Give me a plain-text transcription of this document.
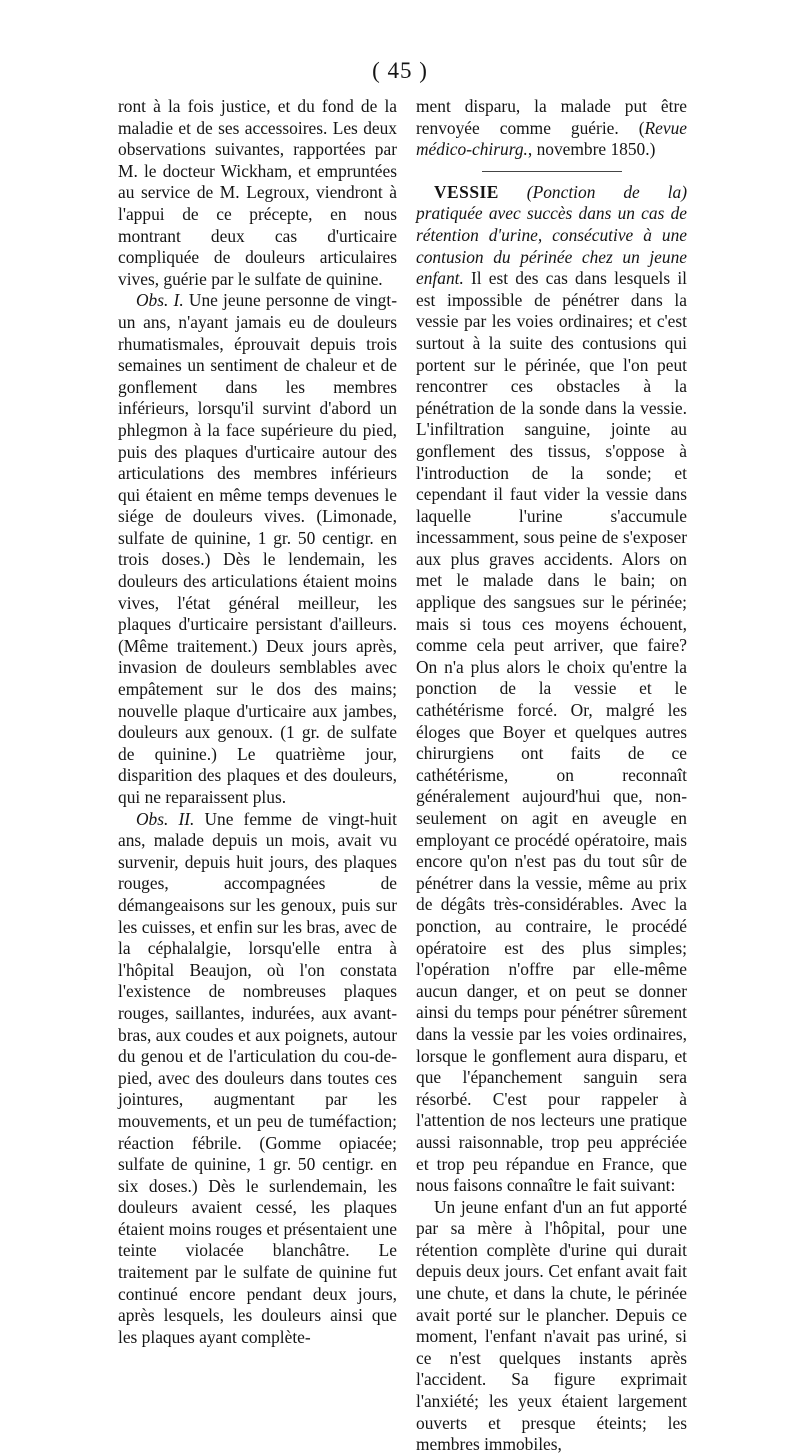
( 45 )

ront à la fois justice, et du fond de la maladie et de ses accessoires. Les deux observations suivantes, rapportées par M. le docteur Wickham, et empruntées au service de M. Legroux, viendront à l'appui de ce précepte, en nous montrant deux cas d'urticaire compliquée de douleurs articulaires vives, guérie par le sulfate de quinine.

Obs. I. Une jeune personne de vingt-un ans, n'ayant jamais eu de douleurs rhumatismales, éprouvait depuis trois semaines un sentiment de chaleur et de gonflement dans les membres inférieurs, lorsqu'il survint d'abord un phlegmon à la face supérieure du pied, puis des plaques d'urticaire autour des articulations des membres inférieurs qui étaient en même temps devenues le siége de douleurs vives. (Limonade, sulfate de quinine, 1 gr. 50 centigr. en trois doses.) Dès le lendemain, les douleurs des articulations étaient moins vives, l'état général meilleur, les plaques d'urticaire persistant d'ailleurs. (Même traitement.) Deux jours après, invasion de douleurs semblables avec empâtement sur le dos des mains; nouvelle plaque d'urticaire aux jambes, douleurs aux genoux. (1 gr. de sulfate de quinine.) Le quatrième jour, disparition des plaques et des douleurs, qui ne reparaissent plus.

Obs. II. Une femme de vingt-huit ans, malade depuis un mois, avait vu survenir, depuis huit jours, des plaques rouges, accompagnées de démangeaisons sur les genoux, puis sur les cuisses, et enfin sur les bras, avec de la céphalalgie, lorsqu'elle entra à l'hôpital Beaujon, où l'on constata l'existence de nombreuses plaques rouges, saillantes, indurées, aux avant-bras, aux coudes et aux poignets, autour du genou et de l'articulation du cou-de-pied, avec des douleurs dans toutes ces jointures, augmentant par les mouvements, et un peu de tuméfaction; réaction fébrile. (Gomme opiacée; sulfate de quinine, 1 gr. 50 centigr. en six doses.) Dès le surlendemain, les douleurs avaient cessé, les plaques étaient moins rouges et présentaient une teinte violacée blanchâtre. Le traitement par le sulfate de quinine fut continué encore pendant deux jours, après lesquels, les douleurs ainsi que les plaques ayant complète-

ment disparu, la malade put être renvoyée comme guérie. (Revue médico-chirurg., novembre 1850.)

VESSIE (Ponction de la) pratiquée avec succès dans un cas de rétention d'urine, consécutive à une contusion du périnée chez un jeune enfant. Il est des cas dans lesquels il est impossible de pénétrer dans la vessie par les voies ordinaires; et c'est surtout à la suite des contusions qui portent sur le périnée, que l'on peut rencontrer ces obstacles à la pénétration de la sonde dans la vessie. L'infiltration sanguine, jointe au gonflement des tissus, s'oppose à l'introduction de la sonde; et cependant il faut vider la vessie dans laquelle l'urine s'accumule incessamment, sous peine de s'exposer aux plus graves accidents. Alors on met le malade dans le bain; on applique des sangsues sur le périnée; mais si tous ces moyens échouent, comme cela peut arriver, que faire? On n'a plus alors le choix qu'entre la ponction de la vessie et le cathétérisme forcé. Or, malgré les éloges que Boyer et quelques autres chirurgiens ont faits de ce cathétérisme, on reconnaît généralement aujourd'hui que, non-seulement on agit en aveugle en employant ce procédé opératoire, mais encore qu'on n'est pas du tout sûr de pénétrer dans la vessie, même au prix de dégâts très-considérables. Avec la ponction, au contraire, le procédé opératoire est des plus simples; l'opération n'offre par elle-même aucun danger, et on peut se donner ainsi du temps pour pénétrer sûrement dans la vessie par les voies ordinaires, lorsque le gonflement aura disparu, et que l'épanchement sanguin sera résorbé. C'est pour rappeler à l'attention de nos lecteurs une pratique aussi raisonnable, trop peu appréciée et trop peu répandue en France, que nous faisons connaître le fait suivant:

Un jeune enfant d'un an fut apporté par sa mère à l'hôpital, pour une rétention complète d'urine qui durait depuis deux jours. Cet enfant avait fait une chute, et dans la chute, le périnée avait porté sur le plancher. Depuis ce moment, l'enfant n'avait pas uriné, si ce n'est quelques instants après l'accident. Sa figure exprimait l'anxiété; les yeux étaient largement ouverts et presque éteints; les membres immobiles,
